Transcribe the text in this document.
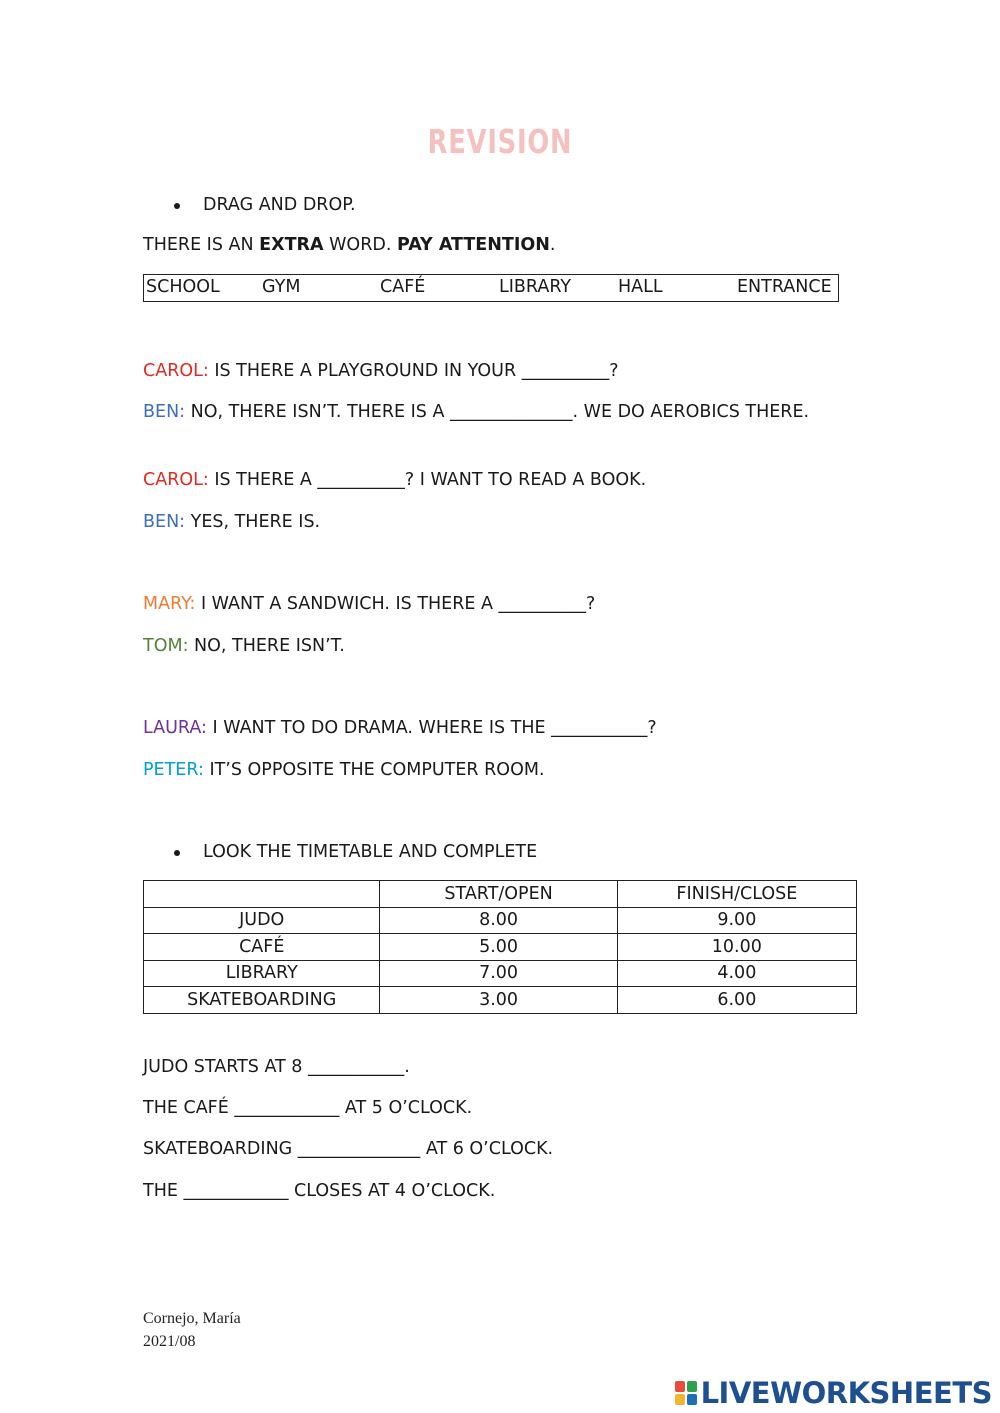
REVISION
DRAG AND DROP.
THERE IS AN EXTRA WORD. PAY ATTENTION.
SCHOOL GYM	CAFÉ	LIBRARY	HALL	ENTRANCE
CAROL: IS THERE A PLAYGROUND IN YOUR __________?
BEN: NO, THERE ISN’T. THERE IS A ______________. WE DO AEROBICS THERE.
CAROL: IS THERE A __________? I WANT TO READ A BOOK.
BEN: YES, THERE IS.
MARY: I WANT A SANDWICH. IS THERE A __________?
TOM: NO, THERE ISN’T.
LAURA: I WANT TO DO DRAMA. WHERE IS THE ___________?
PETER: IT’S OPPOSITE THE COMPUTER ROOM.
LOOK THE TIMETABLE AND COMPLETE
	START/OPEN	FINISH/CLOSE
JUDO	8.00	9.00
CAFÉ	5.00	10.00
LIBRARY	7.00	4.00
SKATEBOARDING	3.00	6.00
JUDO STARTS AT 8 ___________.
THE CAFÉ ____________ AT 5 O’CLOCK.
SKATEBOARDING ______________ AT 6 O’CLOCK.
THE ____________ CLOSES AT 4 O’CLOCK.
Cornejo, María
2021/08
LIVEWORKSHEETS
